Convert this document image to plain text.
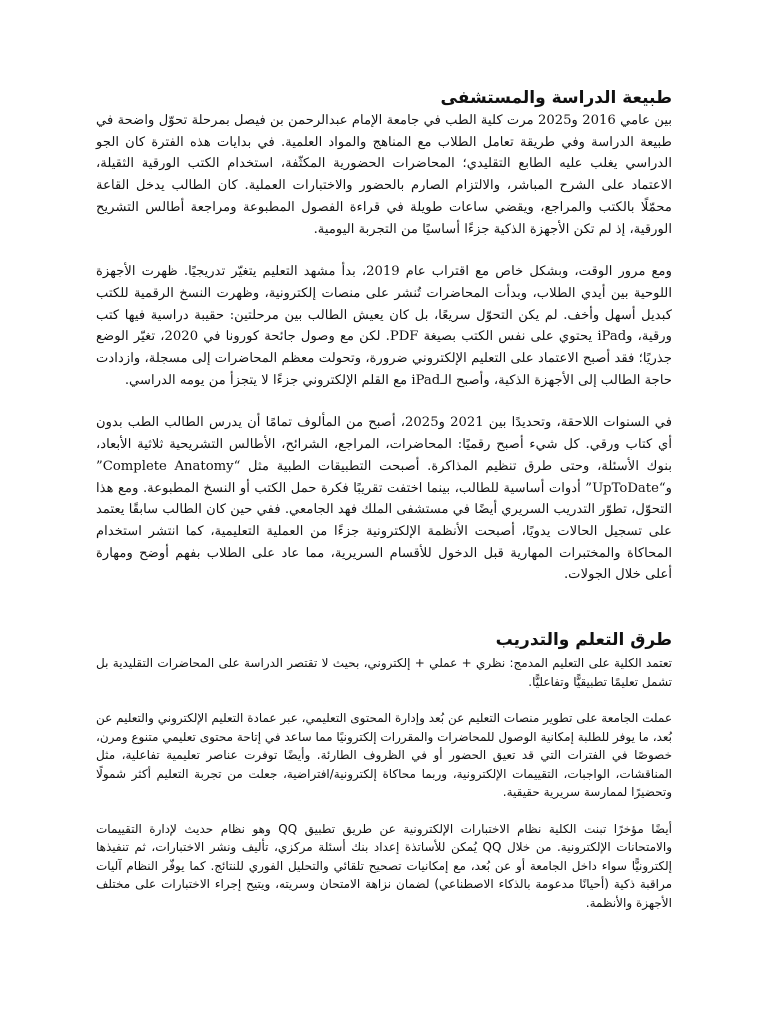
طبيعة الدراسة والمستشفى

بين عامي 2016 و2025 مرت كلية الطب في جامعة الإمام عبدالرحمن بن فيصل بمرحلة تحوّل واضحة في طبيعة الدراسة وفي طريقة تعامل الطلاب مع المناهج والمواد العلمية. في بدايات هذه الفترة كان الجو الدراسي يغلب عليه الطابع التقليدي؛ المحاضرات الحضورية المكثّفة، استخدام الكتب الورقية الثقيلة، الاعتماد على الشرح المباشر، والالتزام الصارم بالحضور والاختبارات العملية. كان الطالب يدخل القاعة محمّلًا بالكتب والمراجع، ويقضي ساعات طويلة في قراءة الفصول المطبوعة ومراجعة أطالس التشريح الورقية، إذ لم تكن الأجهزة الذكية جزءًا أساسيًا من التجربة اليومية.

ومع مرور الوقت، وبشكل خاص مع اقتراب عام 2019، بدأ مشهد التعليم يتغيّر تدريجيًا. ظهرت الأجهزة اللوحية بين أيدي الطلاب، وبدأت المحاضرات تُنشر على منصات إلكترونية، وظهرت النسخ الرقمية للكتب كبديل أسهل وأخف. لم يكن التحوّل سريعًا، بل كان يعيش الطالب بين مرحلتين: حقيبة دراسية فيها كتب ورقية، وiPad يحتوي على نفس الكتب بصيغة PDF. لكن مع وصول جائحة كورونا في 2020، تغيّر الوضع جذريًا؛ فقد أصبح الاعتماد على التعليم الإلكتروني ضرورة، وتحولت معظم المحاضرات إلى مسجلة، وازدادت حاجة الطالب إلى الأجهزة الذكية، وأصبح الـiPad مع القلم الإلكتروني جزءًا لا يتجزأ من يومه الدراسي.

في السنوات اللاحقة، وتحديدًا بين 2021 و2025، أصبح من المألوف تمامًا أن يدرس الطالب الطب بدون أي كتاب ورقي. كل شيء أصبح رقميًا: المحاضرات، المراجع، الشرائح، الأطالس التشريحية ثلاثية الأبعاد، بنوك الأسئلة، وحتى طرق تنظيم المذاكرة. أصبحت التطبيقات الطبية مثل “Complete Anatomy” و“UpToDate” أدوات أساسية للطالب، بينما اختفت تقريبًا فكرة حمل الكتب أو النسخ المطبوعة. ومع هذا التحوّل، تطوّر التدريب السريري أيضًا في مستشفى الملك فهد الجامعي. ففي حين كان الطالب سابقًا يعتمد على تسجيل الحالات يدويًا، أصبحت الأنظمة الإلكترونية جزءًا من العملية التعليمية، كما انتشر استخدام المحاكاة والمختبرات المهارية قبل الدخول للأقسام السريرية، مما عاد على الطلاب بفهم أوضح ومهارة أعلى خلال الجولات.

طرق التعلم والتدريب

تعتمد الكلية على التعليم المدمج: نظري + عملي + إلكتروني، بحيث لا تقتصر الدراسة على المحاضرات التقليدية بل تشمل تعليمًا تطبيقيًّا وتفاعليًّا.

عملت الجامعة على تطوير منصات التعليم عن بُعد وإدارة المحتوى التعليمي، عبر عمادة التعليم الإلكتروني والتعليم عن بُعد، ما يوفر للطلبة إمكانية الوصول للمحاضرات والمقررات إلكترونيًا مما ساعد في إتاحة محتوى تعليمي متنوع ومرن، خصوصًا في الفترات التي قد تعيق الحضور أو في الظروف الطارئة. وأيضًا توفرت عناصر تعليمية تفاعلية، مثل المناقشات، الواجبات، التقييمات الإلكترونية، وربما محاكاة إلكترونية/افتراضية، جعلت من تجربة التعليم أكثر شمولًا وتحضيرًا لممارسة سريرية حقيقية.

أيضًا مؤخرًا تبنت الكلية نظام الاختبارات الإلكترونية عن طريق تطبيق QQ وهو نظام حديث لإدارة التقييمات والامتحانات الإلكترونية. من خلال QQ يُمكن للأساتذة إعداد بنك أسئلة مركزي، تأليف ونشر الاختبارات، ثم تنفيذها إلكترونيًّا سواء داخل الجامعة أو عن بُعد، مع إمكانيات تصحيح تلقائي والتحليل الفوري للنتائج. كما يوفّر النظام آليات مراقبة ذكية (أحيانًا مدعومة بالذكاء الاصطناعي) لضمان نزاهة الامتحان وسريته، ويتيح إجراء الاختبارات على مختلف الأجهزة والأنظمة.
